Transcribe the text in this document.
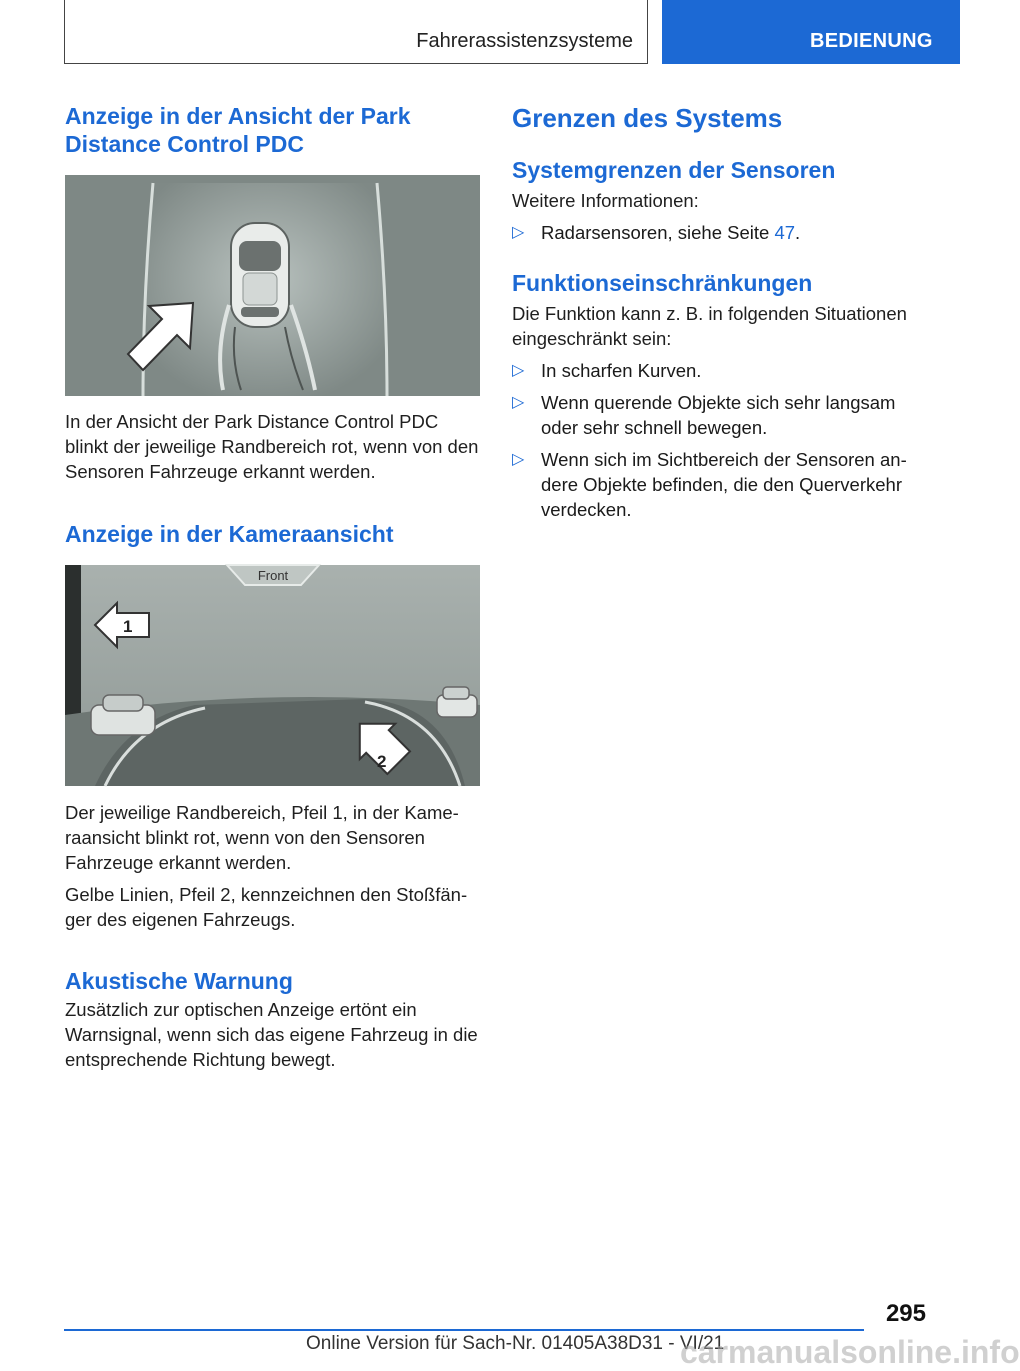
Fahrerassistenzsysteme	BEDIENUNG
Anzeige in der Ansicht der Park Distance Control PDC

In der Ansicht der Park Distance Control PDC blinkt der jeweilige Randbereich rot, wenn von den Sensoren Fahrzeuge erkannt werden.

Anzeige in der Kameraansicht
Front
1
2

Der jeweilige Randbereich, Pfeil 1, in der Kameraansicht blinkt rot, wenn von den Sensoren Fahrzeuge erkannt werden.

Gelbe Linien, Pfeil 2, kennzeichnen den Stoßfänger des eigenen Fahrzeugs.

Akustische Warnung

Zusätzlich zur optischen Anzeige ertönt ein Warnsignal, wenn sich das eigene Fahrzeug in die entsprechende Richtung bewegt.

Grenzen des Systems
Systemgrenzen der Sensoren

Weitere Informationen:

▷ Radarsensoren, siehe Seite 47.
Funktionseinschränkungen

Die Funktion kann z. B. in folgenden Situationen eingeschränkt sein:

▷ In scharfen Kurven.
▷ Wenn querende Objekte sich sehr langsam oder sehr schnell bewegen.
▷ Wenn sich im Sichtbereich der Sensoren andere Objekte befinden, die den Querverkehr verdecken.
295
Online Version für Sach-Nr. 01405A38D31 - VI/21
carmanualsonline.info
